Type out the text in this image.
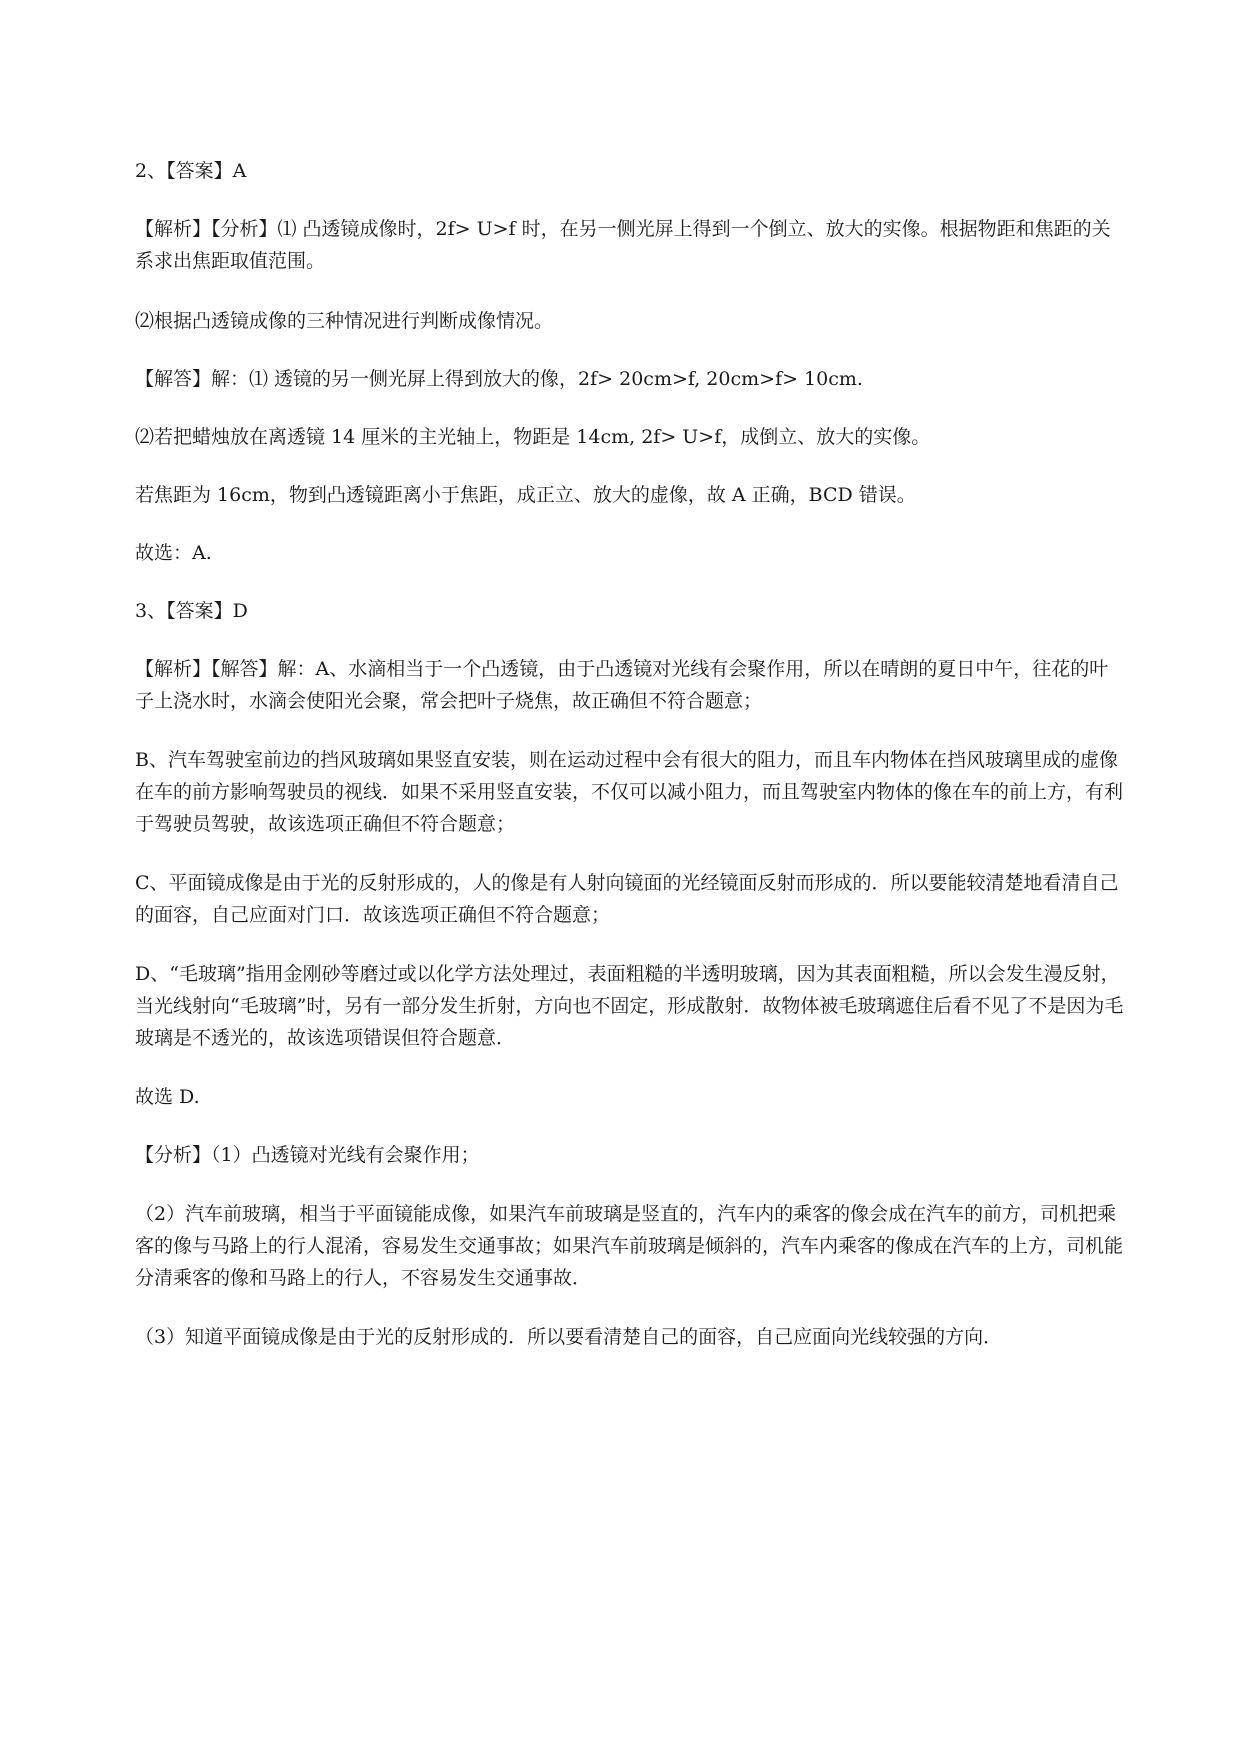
2、【答案】A

【解析】【分析】⑴ 凸透镜成像时，2f> U>f 时，在另一侧光屏上得到一个倒立、放大的实像。根据物距和焦距的关系求出焦距取值范围。

⑵根据凸透镜成像的三种情况进行判断成像情况。

【解答】解：⑴ 透镜的另一侧光屏上得到放大的像，2f> 20cm>f, 20cm>f> 10cm.

⑵若把蜡烛放在离透镜 14 厘米的主光轴上，物距是 14cm, 2f> U>f，成倒立、放大的实像。

若焦距为 16cm，物到凸透镜距离小于焦距，成正立、放大的虚像，故 A 正确，BCD 错误。

故选：A.

3、【答案】D

【解析】【解答】解：A、水滴相当于一个凸透镜，由于凸透镜对光线有会聚作用，所以在晴朗的夏日中午，往花的叶子上浇水时，水滴会使阳光会聚，常会把叶子烧焦，故正确但不符合题意；

B、汽车驾驶室前边的挡风玻璃如果竖直安装，则在运动过程中会有很大的阻力，而且车内物体在挡风玻璃里成的虚像在车的前方影响驾驶员的视线．如果不采用竖直安装，不仅可以减小阻力，而且驾驶室内物体的像在车的前上方，有利于驾驶员驾驶，故该选项正确但不符合题意；

C、平面镜成像是由于光的反射形成的，人的像是有人射向镜面的光经镜面反射而形成的．所以要能较清楚地看清自己的面容，自己应面对门口．故该选项正确但不符合题意；

D、“毛玻璃”指用金刚砂等磨过或以化学方法处理过，表面粗糙的半透明玻璃，因为其表面粗糙，所以会发生漫反射，当光线射向“毛玻璃”时，另有一部分发生折射，方向也不固定，形成散射．故物体被毛玻璃遮住后看不见了不是因为毛玻璃是不透光的，故该选项错误但符合题意．

故选 D.

【分析】（1）凸透镜对光线有会聚作用；

（2）汽车前玻璃，相当于平面镜能成像，如果汽车前玻璃是竖直的，汽车内的乘客的像会成在汽车的前方，司机把乘客的像与马路上的行人混淆，容易发生交通事故；如果汽车前玻璃是倾斜的，汽车内乘客的像成在汽车的上方，司机能分清乘客的像和马路上的行人，不容易发生交通事故．

（3）知道平面镜成像是由于光的反射形成的．所以要看清楚自己的面容，自己应面向光线较强的方向．
